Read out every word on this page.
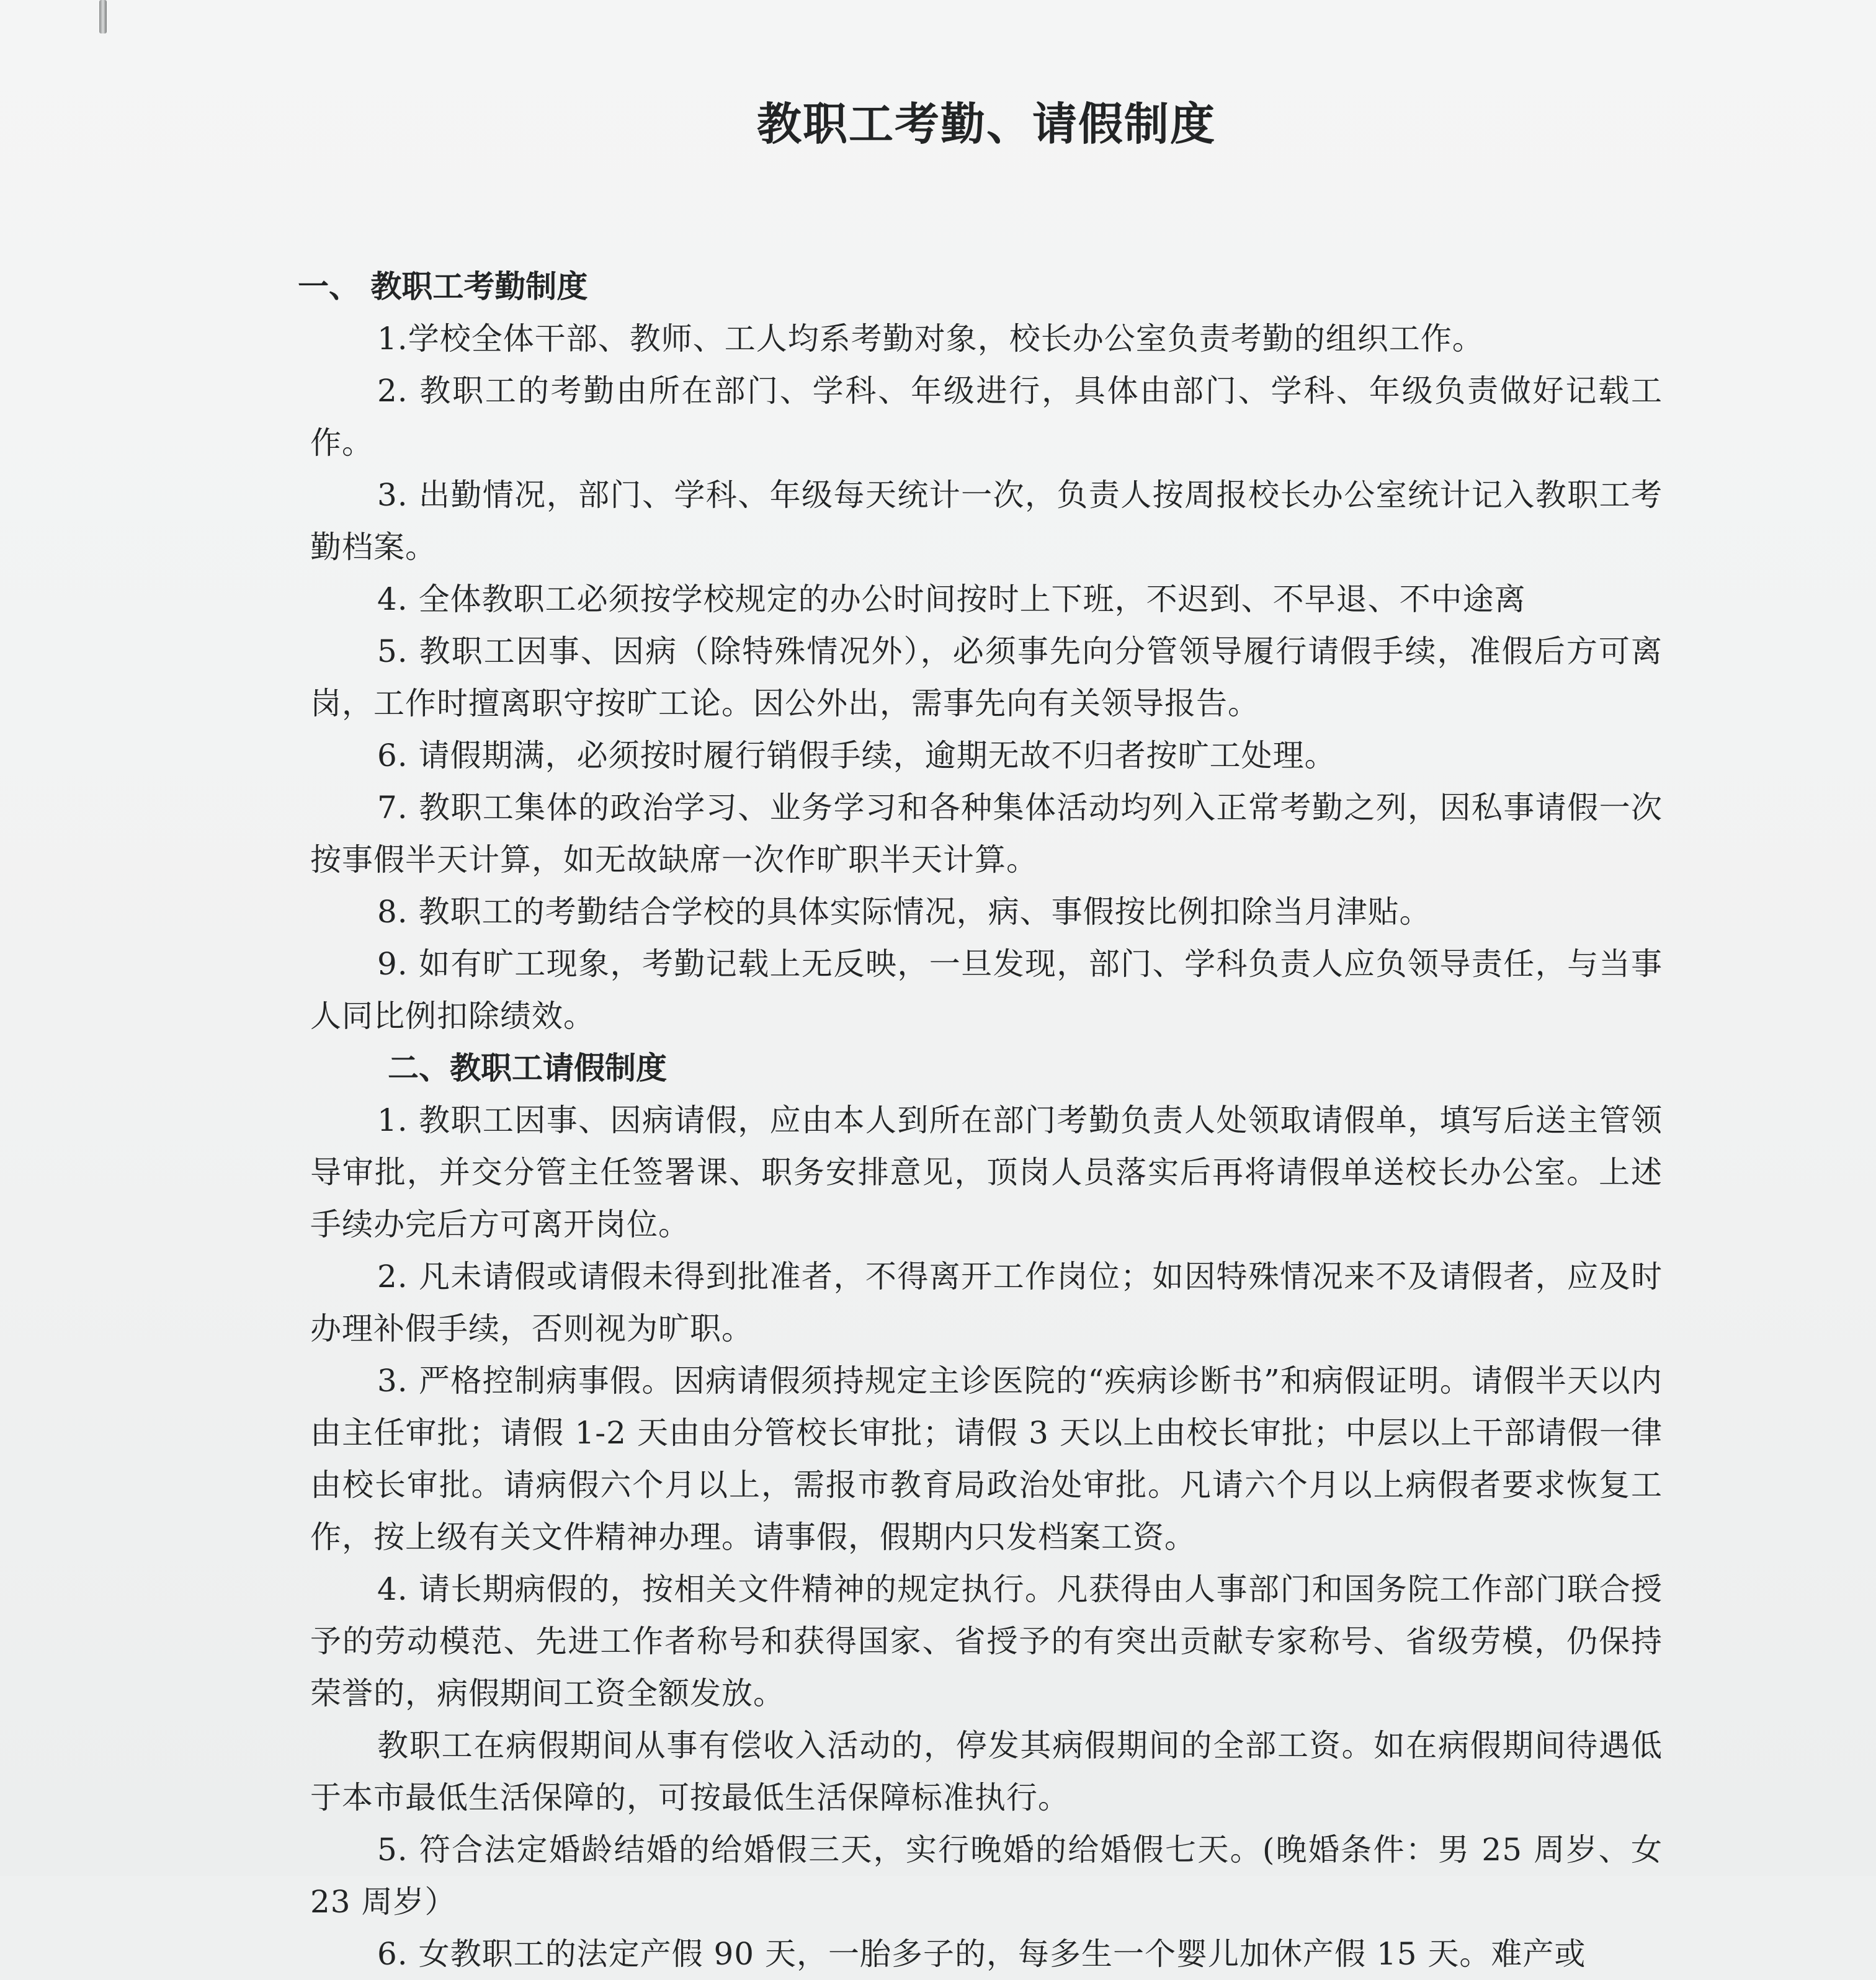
教职工考勤、请假制度

一、 教职工考勤制度

1.学校全体干部、教师、工人均系考勤对象，校长办公室负责考勤的组织工作。

2. 教职工的考勤由所在部门、学科、年级进行，具体由部门、学科、年级负责做好记载工作。

3. 出勤情况，部门、学科、年级每天统计一次，负责人按周报校长办公室统计记入教职工考勤档案。

4. 全体教职工必须按学校规定的办公时间按时上下班，不迟到、不早退、不中途离

5. 教职工因事、因病（除特殊情况外），必须事先向分管领导履行请假手续，准假后方可离岗，工作时擅离职守按旷工论。因公外出，需事先向有关领导报告。

6. 请假期满，必须按时履行销假手续，逾期无故不归者按旷工处理。

7. 教职工集体的政治学习、业务学习和各种集体活动均列入正常考勤之列，因私事请假一次按事假半天计算，如无故缺席一次作旷职半天计算。

8. 教职工的考勤结合学校的具体实际情况，病、事假按比例扣除当月津贴。

9. 如有旷工现象，考勤记载上无反映，一旦发现，部门、学科负责人应负领导责任，与当事人同比例扣除绩效。

二、教职工请假制度

1. 教职工因事、因病请假，应由本人到所在部门考勤负责人处领取请假单，填写后送主管领导审批，并交分管主任签署课、职务安排意见，顶岗人员落实后再将请假单送校长办公室。上述手续办完后方可离开岗位。

2. 凡未请假或请假未得到批准者，不得离开工作岗位；如因特殊情况来不及请假者，应及时办理补假手续，否则视为旷职。

3. 严格控制病事假。因病请假须持规定主诊医院的“疾病诊断书”和病假证明。请假半天以内由主任审批；请假 1-2 天由由分管校长审批；请假 3 天以上由校长审批；中层以上干部请假一律由校长审批。请病假六个月以上，需报市教育局政治处审批。凡请六个月以上病假者要求恢复工作，按上级有关文件精神办理。请事假，假期内只发档案工资。

4. 请长期病假的，按相关文件精神的规定执行。凡获得由人事部门和国务院工作部门联合授予的劳动模范、先进工作者称号和获得国家、省授予的有突出贡献专家称号、省级劳模，仍保持荣誉的，病假期间工资全额发放。

教职工在病假期间从事有偿收入活动的，停发其病假期间的全部工资。如在病假期间待遇低于本市最低生活保障的，可按最低生活保障标准执行。

5. 符合法定婚龄结婚的给婚假三天，实行晚婚的给婚假七天。(晚婚条件：男 25 周岁、女 23 周岁）

6. 女教职工的法定产假 90 天，一胎多子的，每多生一个婴儿加休产假 15 天。难产或
